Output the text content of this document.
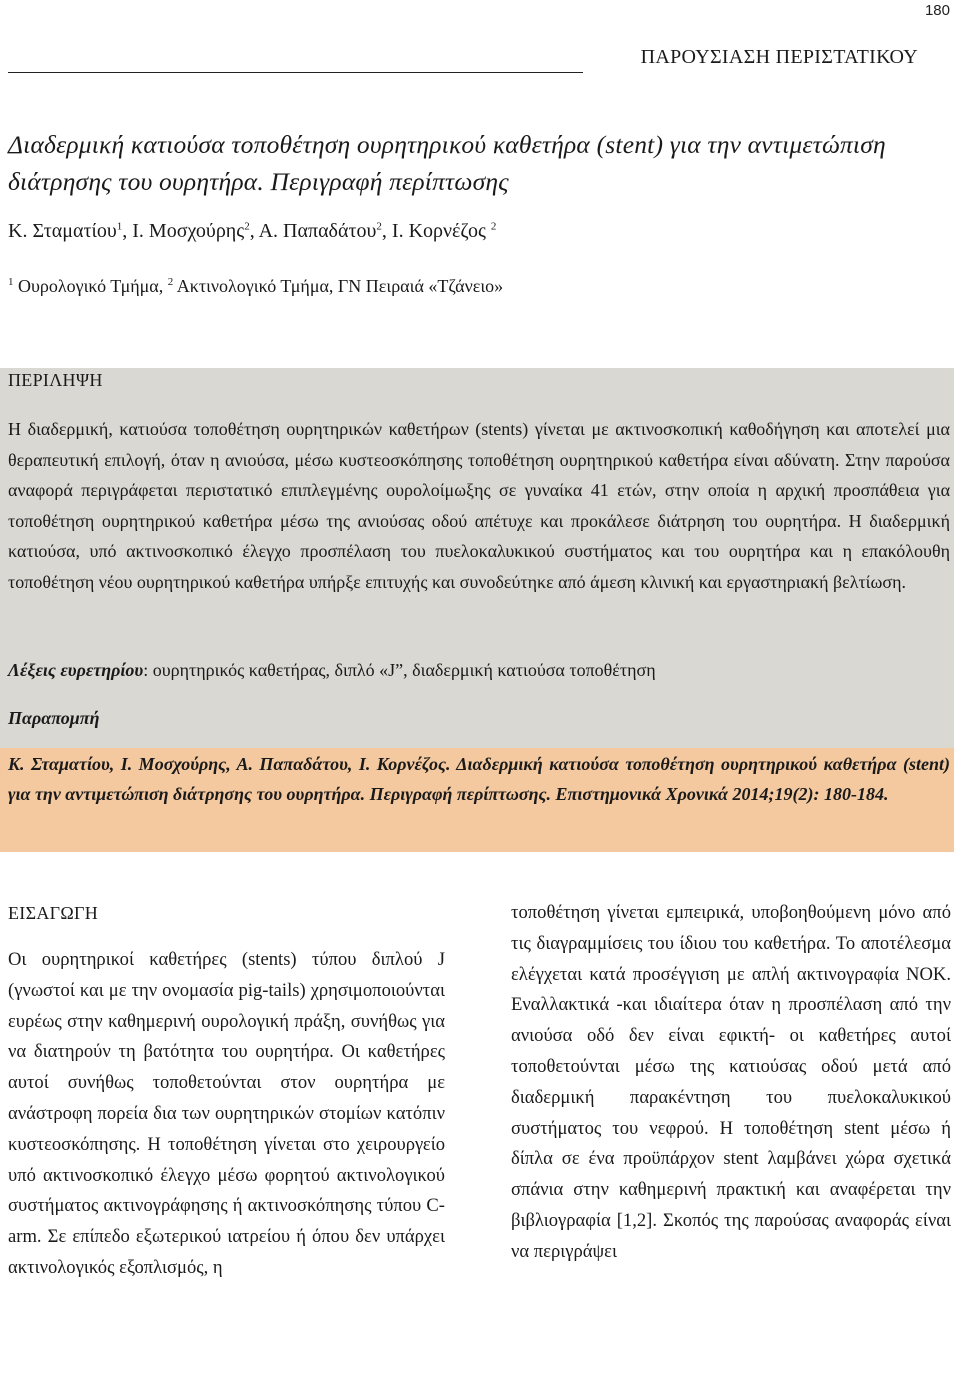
180
ΠΑΡΟΥΣΙΑΣΗ ΠΕΡΙΣΤΑΤΙΚΟΥ
Διαδερμική κατιούσα τοποθέτηση ουρητηρικού καθετήρα (stent) για την αντιμετώπιση διάτρησης του ουρητήρα. Περιγραφή περίπτωσης
Κ. Σταματίου$^1$, Ι. Μοσχούρης$^2$, Α. Παπαδάτου$^2$, Ι. Κορνέζος $^2$
$^1$ Ουρολογικό Τμήμα, $^2$ Ακτινολογικό Τμήμα, ΓΝ Πειραιά «Τζάνειο»
ΠΕΡΙΛΗΨΗ

Η διαδερμική, κατιούσα τοποθέτηση ουρητηρικών καθετήρων (stents) γίνεται με ακτινοσκοπική καθοδήγηση και αποτελεί μια θεραπευτική επιλογή, όταν η ανιούσα, μέσω κυστεοσκόπησης τοποθέτηση ουρητηρικού καθετήρα είναι αδύνατη. Στην παρούσα αναφορά περιγράφεται περιστατικό επιπλεγμένης ουρολοίμωξης σε γυναίκα 41 ετών, στην οποία η αρχική προσπάθεια για τοποθέτηση ουρητηρικού καθετήρα μέσω της ανιούσας οδού απέτυχε και προκάλεσε διάτρηση του ουρητήρα. Η διαδερμική κατιούσα, υπό ακτινοσκοπικό έλεγχο προσπέλαση του πυελοκαλυκικού συστήματος και του ουρητήρα και η επακόλουθη τοποθέτηση νέου ουρητηρικού καθετήρα υπήρξε επιτυχής και συνοδεύτηκε από άμεση κλινική και εργαστηριακή βελτίωση.

Λέξεις ευρετηρίου: ουρητηρικός καθετήρας, διπλό «J”, διαδερμική κατιούσα τοποθέτηση
Παραπομπή

Κ. Σταματίου, Ι. Μοσχούρης, Α. Παπαδάτου, Ι. Κορνέζος. Διαδερμική κατιούσα τοποθέτηση ουρητηρικού καθετήρα (stent) για την αντιμετώπιση διάτρησης του ουρητήρα. Περιγραφή περίπτωσης. Επιστημονικά Χρονικά 2014;19(2): 180-184.

ΕΙΣΑΓΩΓΗ

Οι ουρητηρικοί καθετήρες (stents) τύπου διπλού J (γνωστοί και με την ονομασία pig-tails) χρησιμοποιούνται ευρέως στην καθημερινή ουρολογική πράξη, συνήθως για να διατηρούν τη βατότητα του ουρητήρα. Οι καθετήρες αυτοί συνήθως τοποθετούνται στον ουρητήρα με ανάστροφη πορεία δια των ουρητηρικών στομίων κατόπιν κυστεοσκόπησης. Η τοποθέτηση γίνεται στο χειρουργείο υπό ακτινοσκοπικό έλεγχο μέσω φορητού ακτινολογικού συστήματος ακτινογράφησης ή ακτινοσκόπησης τύπου C-arm. Σε επίπεδο εξωτερικού ιατρείου ή όπου δεν υπάρχει ακτινολογικός εξοπλισμός, η

τοποθέτηση γίνεται εμπειρικά, υποβοηθούμενη μόνο από τις διαγραμμίσεις του ίδιου του καθετήρα. Το αποτέλεσμα ελέγχεται κατά προσέγγιση με απλή ακτινογραφία ΝΟΚ. Εναλλακτικά -και ιδιαίτερα όταν η προσπέλαση από την ανιούσα οδό δεν είναι εφικτή- οι καθετήρες αυτοί τοποθετούνται μέσω της κατιούσας οδού μετά από διαδερμική παρακέντηση του πυελοκαλυκικού συστήματος του νεφρού. Η τοποθέτηση stent μέσω ή δίπλα σε ένα προϋπάρχον stent λαμβάνει χώρα σχετικά σπάνια στην καθημερινή πρακτική και αναφέρεται την βιβλιογραφία [1,2]. Σκοπός της παρούσας αναφοράς είναι να περιγράψει
